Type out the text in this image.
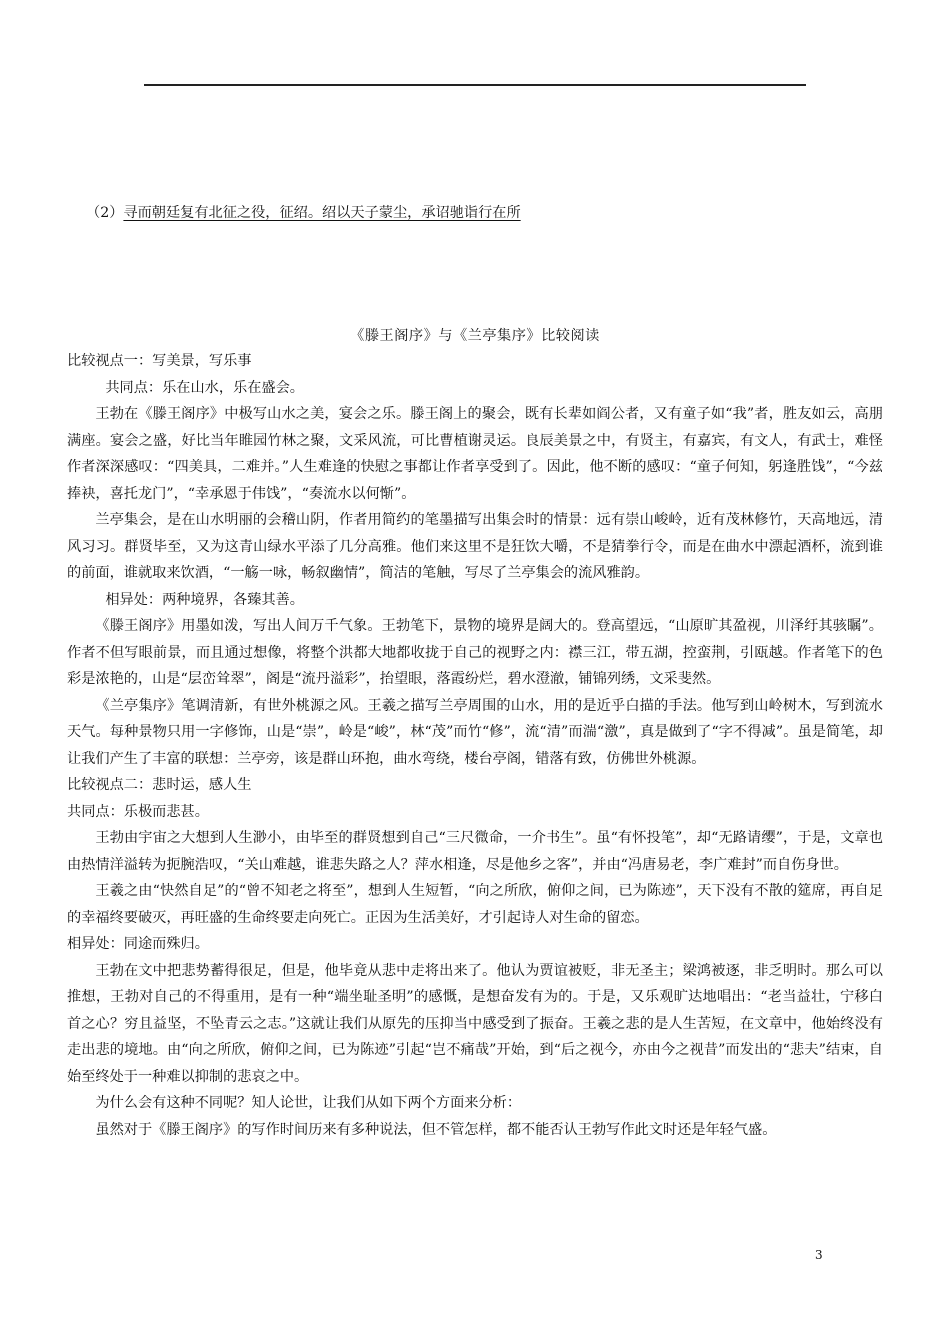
（2）寻而朝廷复有北征之役，征绍。绍以天子蒙尘，承诏驰诣行在所
《滕王阁序》与《兰亭集序》比较阅读

比较视点一：写美景，写乐事

共同点：乐在山水，乐在盛会。

王勃在《滕王阁序》中极写山水之美，宴会之乐。滕王阁上的聚会，既有长辈如阎公者，又有童子如“我”者，胜友如云，高朋满座。宴会之盛，好比当年睢园竹林之聚，文采风流，可比曹植谢灵运。良辰美景之中，有贤主，有嘉宾，有文人，有武士，难怪作者深深感叹：“四美具，二难并。”人生难逢的快慰之事都让作者享受到了。因此，他不断的感叹：“童子何知，躬逢胜饯”，“今兹捧袂，喜托龙门”，“幸承恩于伟饯”，“奏流水以何惭”。

兰亭集会，是在山水明丽的会稽山阴，作者用简约的笔墨描写出集会时的情景：远有崇山峻岭，近有茂林修竹，天高地远，清风习习。群贤毕至，又为这青山绿水平添了几分高雅。他们来这里不是狂饮大嚼，不是猜拳行令，而是在曲水中漂起酒杯，流到谁的前面，谁就取来饮酒，“一觞一咏，畅叙幽情”，简洁的笔触，写尽了兰亭集会的流风雅韵。

相异处：两种境界，各臻其善。

《滕王阁序》用墨如泼，写出人间万千气象。王勃笔下，景物的境界是阔大的。登高望远，“山原旷其盈视，川泽纡其骇瞩”。作者不但写眼前景，而且通过想像，将整个洪都大地都收拢于自己的视野之内：襟三江，带五湖，控蛮荆，引瓯越。作者笔下的色彩是浓艳的，山是“层峦耸翠”，阁是“流丹溢彩”，抬望眼，落霞纷烂，碧水澄澈，铺锦列绣，文采斐然。

《兰亭集序》笔调清新，有世外桃源之风。王羲之描写兰亭周围的山水，用的是近乎白描的手法。他写到山岭树木，写到流水天气。每种景物只用一字修饰，山是“崇”，岭是“峻”，林“茂”而竹“修”，流“清”而湍“激”，真是做到了“字不得减”。虽是简笔，却让我们产生了丰富的联想：兰亭旁，该是群山环抱，曲水弯绕，楼台亭阁，错落有致，仿佛世外桃源。

比较视点二：悲时运，感人生

共同点：乐极而悲甚。

王勃由宇宙之大想到人生渺小，由毕至的群贤想到自己“三尺微命，一介书生”。虽“有怀投笔”，却“无路请缨”，于是，文章也由热情洋溢转为扼腕浩叹，“关山难越，谁悲失路之人？萍水相逢，尽是他乡之客”，并由“冯唐易老，李广难封”而自伤身世。

王羲之由“快然自足”的“曾不知老之将至”，想到人生短暂，“向之所欣，俯仰之间，已为陈迹”，天下没有不散的筵席，再自足的幸福终要破灭，再旺盛的生命终要走向死亡。正因为生活美好，才引起诗人对生命的留恋。

相异处：同途而殊归。

王勃在文中把悲势蓄得很足，但是，他毕竟从悲中走将出来了。他认为贾谊被贬，非无圣主；梁鸿被逐，非乏明时。那么可以推想，王勃对自己的不得重用，是有一种“端坐耻圣明”的感慨，是想奋发有为的。于是，又乐观旷达地唱出：“老当益壮，宁移白首之心？穷且益坚，不坠青云之志。”这就让我们从原先的压抑当中感受到了振奋。王羲之悲的是人生苦短，在文章中，他始终没有走出悲的境地。由“向之所欣，俯仰之间，已为陈迹”引起“岂不痛哉”开始，到“后之视今，亦由今之视昔”而发出的“悲夫”结束，自始至终处于一种难以抑制的悲哀之中。

为什么会有这种不同呢？知人论世，让我们从如下两个方面来分析：

虽然对于《滕王阁序》的写作时间历来有多种说法，但不管怎样，都不能否认王勃写作此文时还是年轻气盛。

3
